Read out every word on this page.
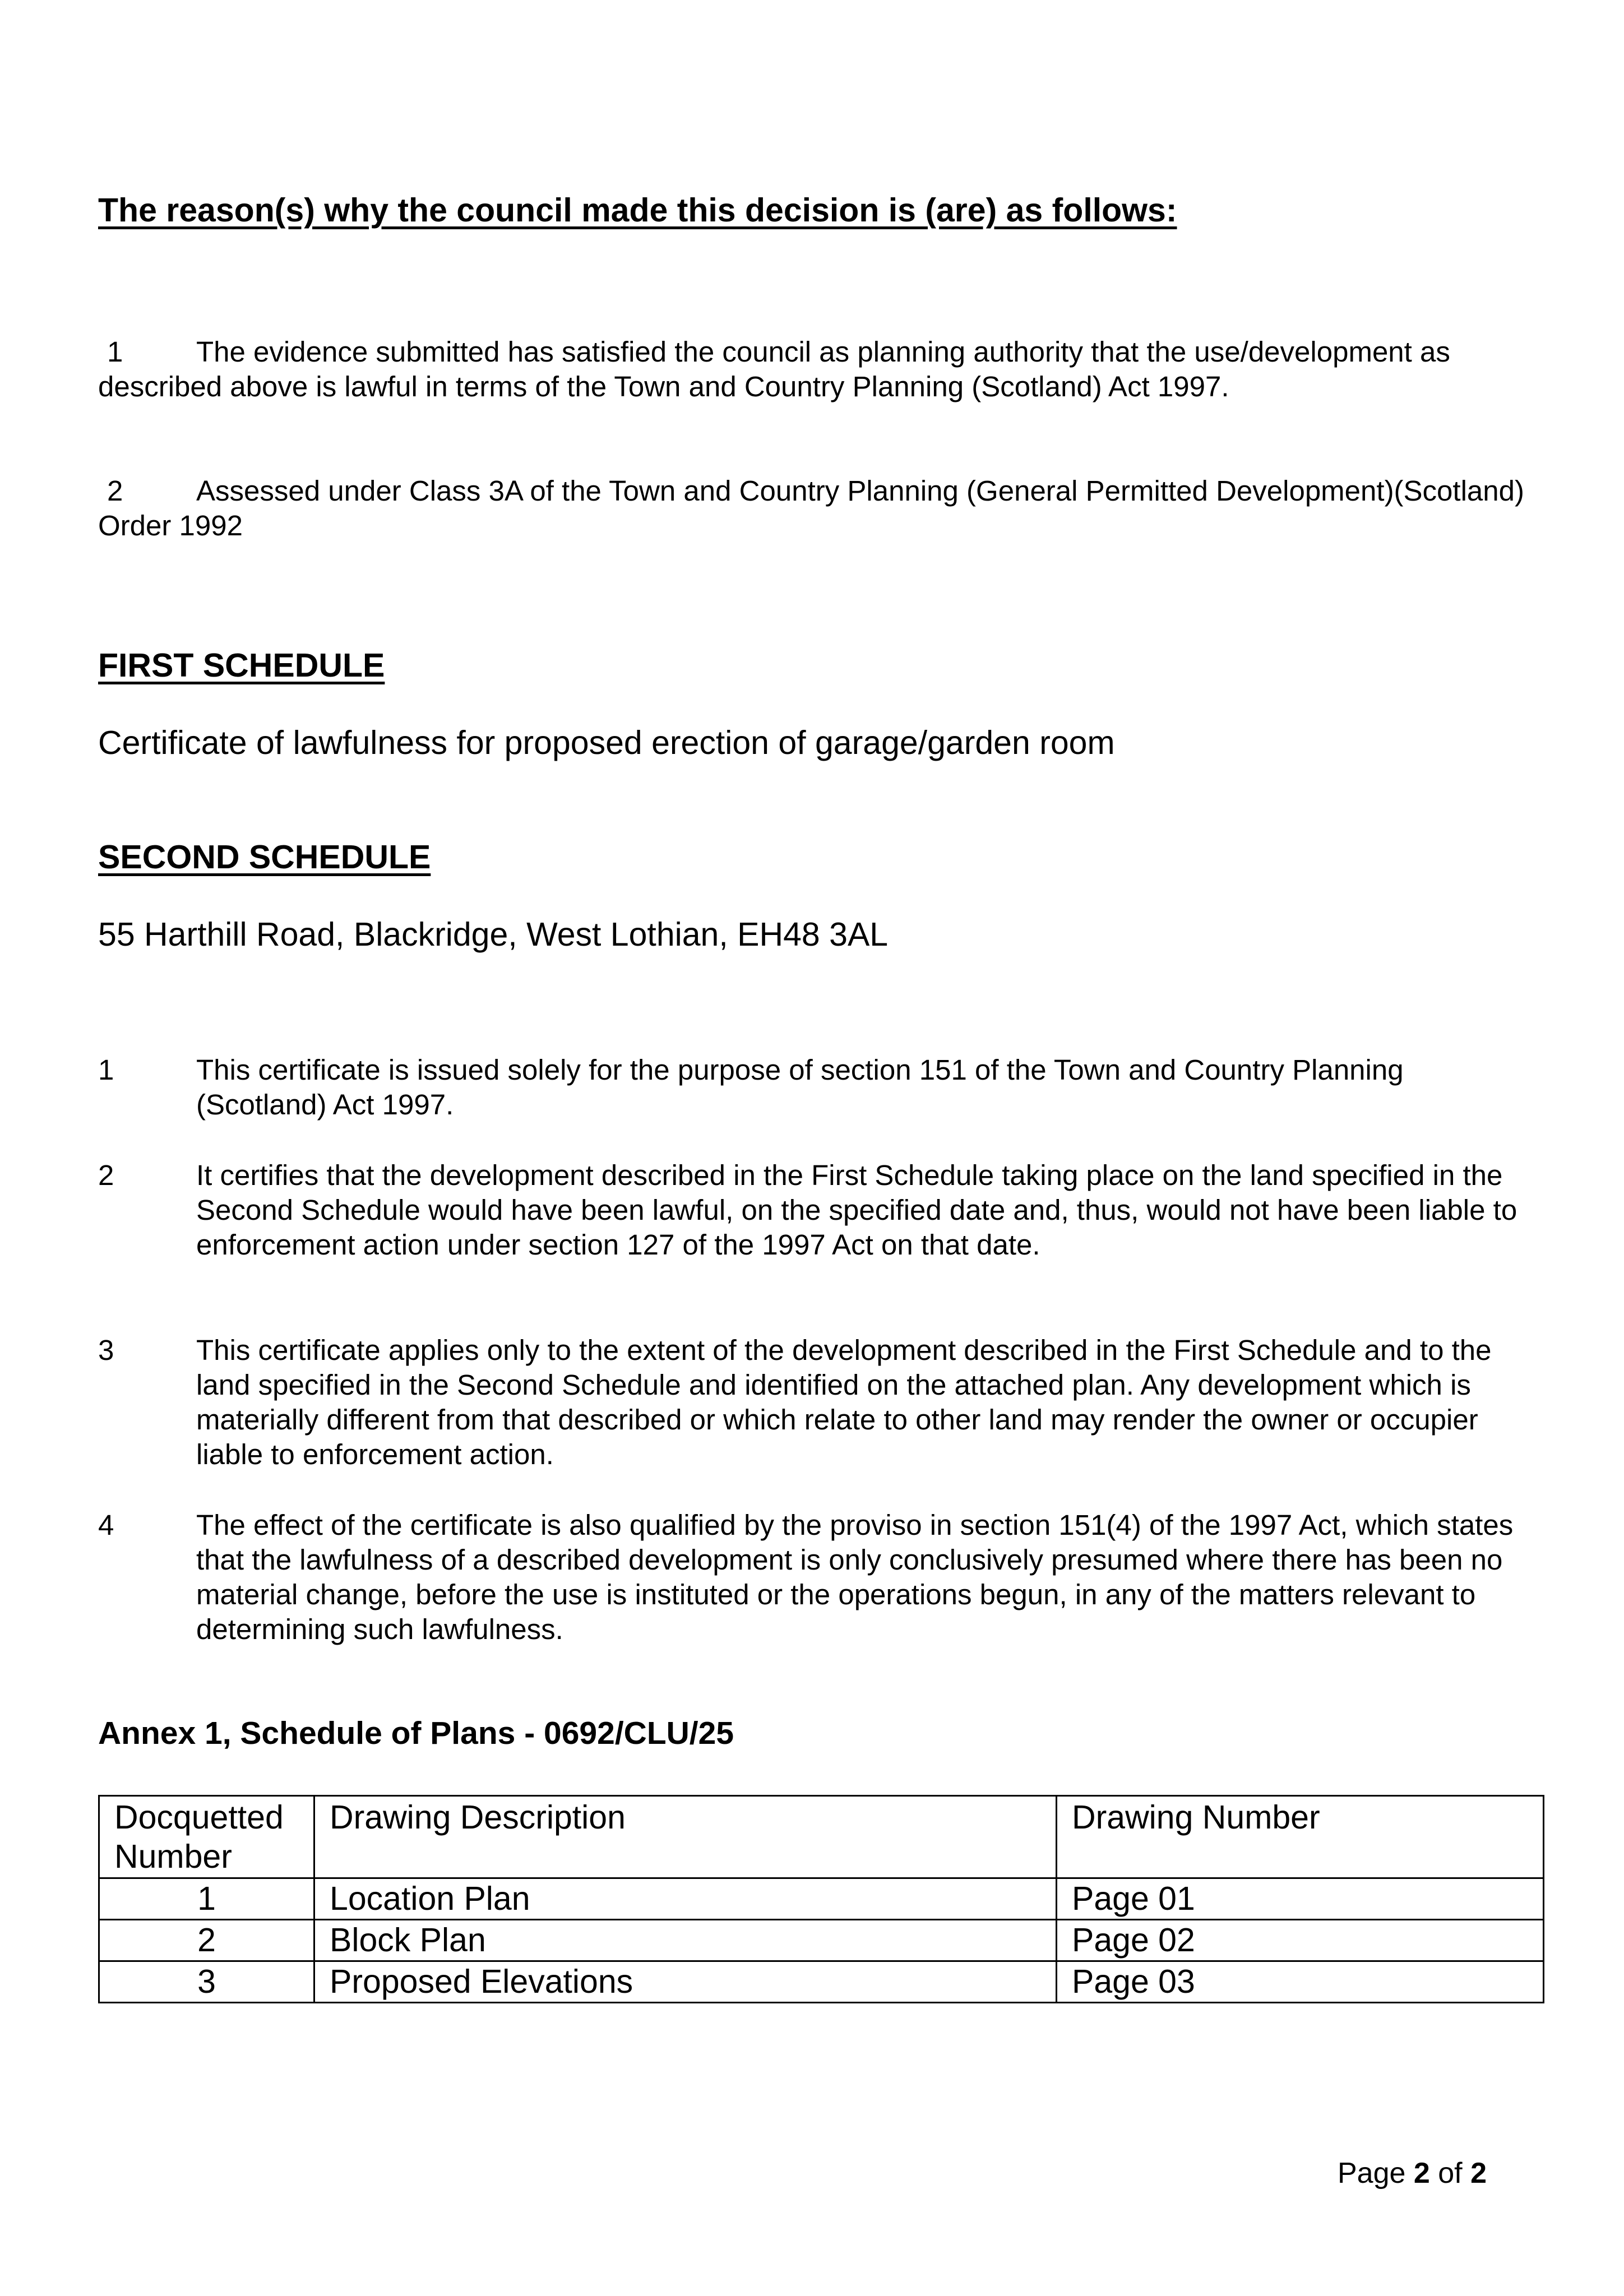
The reason(s) why the council made this decision is (are) as follows:
1	The evidence submitted has satisfied the council as planning authority that the use/development as described above is lawful in terms of the Town and Country Planning (Scotland) Act 1997.
2	Assessed under Class 3A of the Town and Country Planning (General Permitted Development)(Scotland) Order 1992
FIRST SCHEDULE
Certificate of lawfulness for proposed erection of garage/garden room
SECOND SCHEDULE
55 Harthill Road, Blackridge, West Lothian, EH48 3AL
1	This certificate is issued solely for the purpose of section 151 of the Town and Country Planning (Scotland) Act 1997.
2	It certifies that the development described in the First Schedule taking place on the land specified in the Second Schedule would have been lawful, on the specified date and, thus, would not have been liable to enforcement action under section 127 of the 1997 Act on that date.
3	This certificate applies only to the extent of the development described in the First Schedule and to the land specified in the Second Schedule and identified on the attached plan. Any development which is materially different from that described or which relate to other land may render the owner or occupier liable to enforcement action.
4	The effect of the certificate is also qualified by the proviso in section 151(4) of the 1997 Act, which states that the lawfulness of a described development is only conclusively presumed where there has been no material change, before the use is instituted or the operations begun, in any of the matters relevant to determining such lawfulness.
Annex 1, Schedule of Plans - 0692/CLU/25
Docquetted Number	Drawing Description	Drawing Number
1	Location Plan	Page 01
2	Block Plan	Page 02
3	Proposed Elevations	Page 03
Page 2 of 2
